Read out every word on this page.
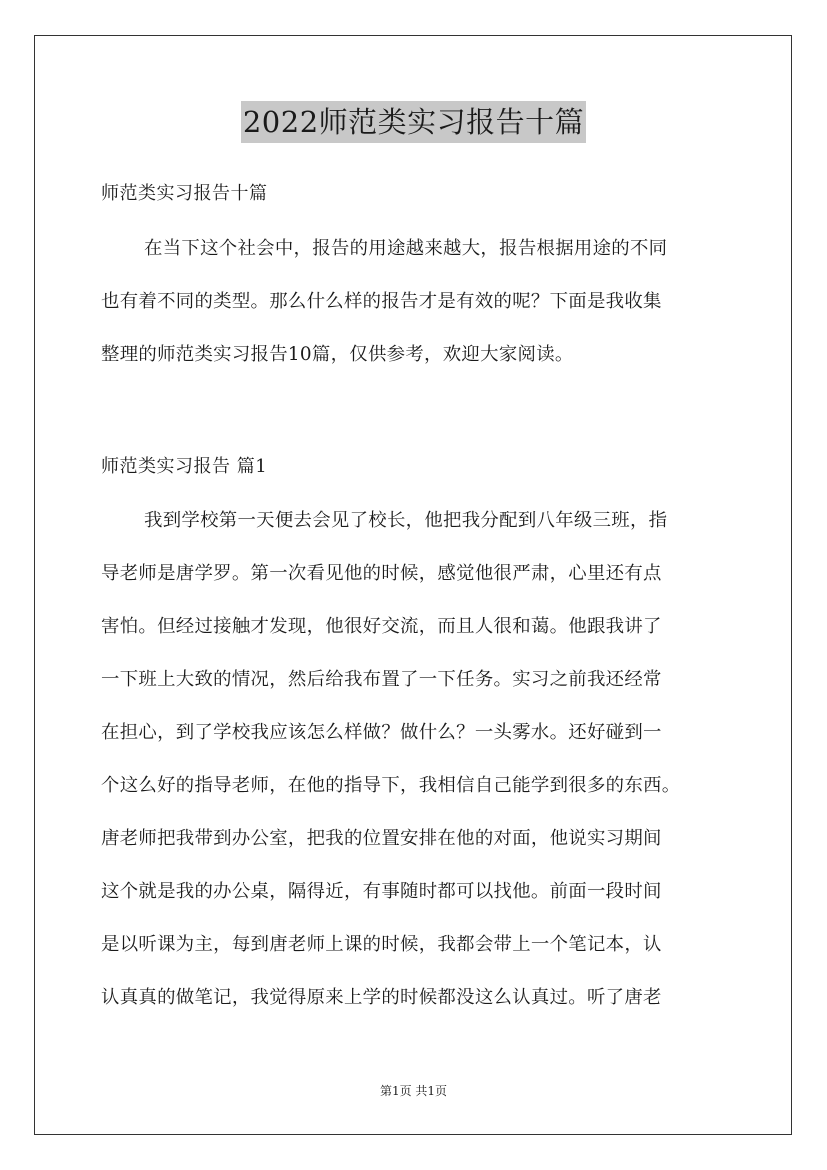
2022师范类实习报告十篇
师范类实习报告十篇
在当下这个社会中，报告的用途越来越大，报告根据用途的不同
也有着不同的类型。那么什么样的报告才是有效的呢？下面是我收集
整理的师范类实习报告10篇，仅供参考，欢迎大家阅读。
师范类实习报告 篇1
我到学校第一天便去会见了校长，他把我分配到八年级三班，指
导老师是唐学罗。第一次看见他的时候，感觉他很严肃，心里还有点
害怕。但经过接触才发现，他很好交流，而且人很和蔼。他跟我讲了
一下班上大致的情况，然后给我布置了一下任务。实习之前我还经常
在担心，到了学校我应该怎么样做？做什么？一头雾水。还好碰到一
个这么好的指导老师，在他的指导下，我相信自己能学到很多的东西。
唐老师把我带到办公室，把我的位置安排在他的对面，他说实习期间
这个就是我的办公桌，隔得近，有事随时都可以找他。前面一段时间
是以听课为主，每到唐老师上课的时候，我都会带上一个笔记本，认
认真真的做笔记，我觉得原来上学的时候都没这么认真过。听了唐老
第1页 共1页
